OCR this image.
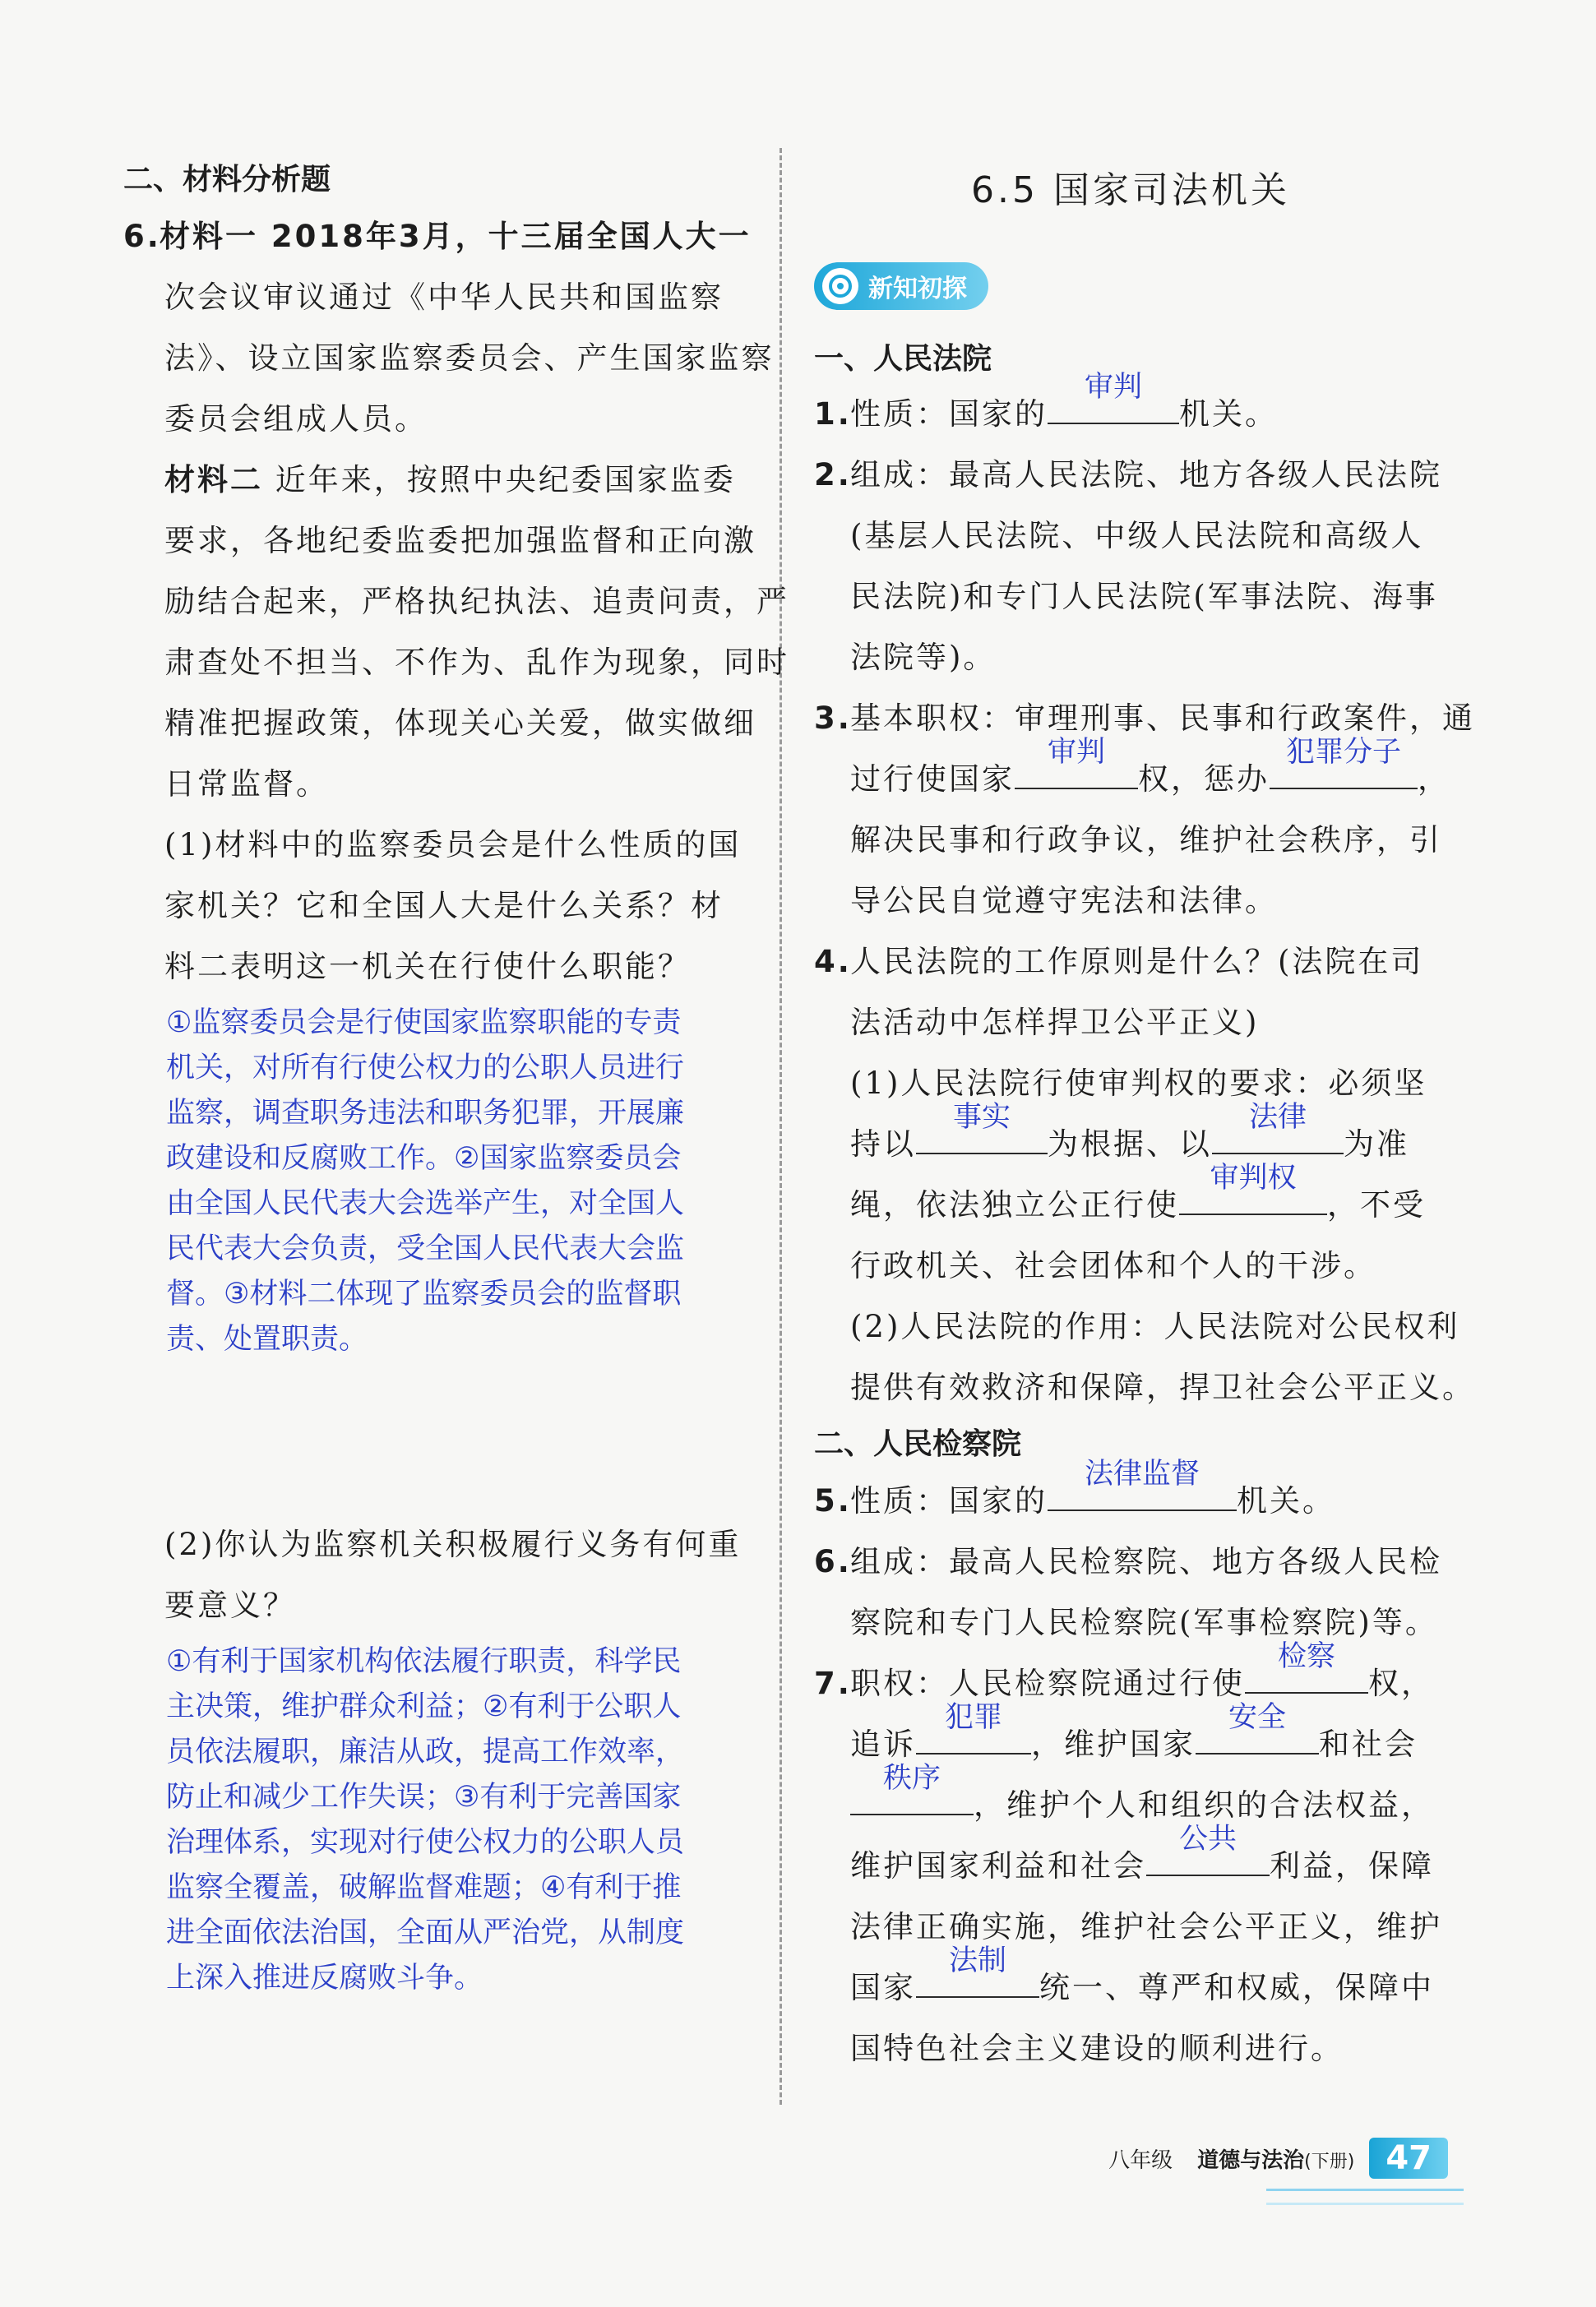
二、材料分析题

6.材料一 2018年3月，十三届全国人大一

次会议审议通过《中华人民共和国监察

法》、设立国家监察委员会、产生国家监察

委员会组成人员。

材料二 近年来，按照中央纪委国家监委

要求，各地纪委监委把加强监督和正向激

励结合起来，严格执纪执法、追责问责，严

肃查处不担当、不作为、乱作为现象，同时

精准把握政策，体现关心关爱，做实做细

日常监督。

(1)材料中的监察委员会是什么性质的国

家机关？它和全国人大是什么关系？材

料二表明这一机关在行使什么职能？

①监察委员会是行使国家监察职能的专责

机关，对所有行使公权力的公职人员进行

监察，调查职务违法和职务犯罪，开展廉

政建设和反腐败工作。②国家监察委员会

由全国人民代表大会选举产生，对全国人

民代表大会负责，受全国人民代表大会监

督。③材料二体现了监察委员会的监督职

责、处置职责。

(2)你认为监察机关积极履行义务有何重

要意义？

①有利于国家机构依法履行职责，科学民

主决策，维护群众利益；②有利于公职人

员依法履职，廉洁从政，提高工作效率，

防止和减少工作失误；③有利于完善国家

治理体系，实现对行使公权力的公职人员

监察全覆盖，破解监督难题；④有利于推

进全面依法治国，全面从严治党，从制度

上深入推进反腐败斗争。

6.5 国家司法机关

新知初探

一、人民法院

1.性质：国家的
审判
机关。

2.组成：最高人民法院、地方各级人民法院

(基层人民法院、中级人民法院和高级人

民法院)和专门人民法院(军事法院、海事

法院等)。

3.基本职权：审理刑事、民事和行政案件，通

过行使国家
审判
权，惩办
犯罪分子
，

解决民事和行政争议，维护社会秩序，引

导公民自觉遵守宪法和法律。

4.人民法院的工作原则是什么？(法院在司

法活动中怎样捍卫公平正义)

(1)人民法院行使审判权的要求：必须坚

持以
事实
为根据、以
法律
为准

绳，依法独立公正行使
审判权
，不受

行政机关、社会团体和个人的干涉。

(2)人民法院的作用：人民法院对公民权利

提供有效救济和保障，捍卫社会公平正义。

二、人民检察院

5.性质：国家的
法律监督
机关。

6.组成：最高人民检察院、地方各级人民检

察院和专门人民检察院(军事检察院)等。

7.职权：人民检察院通过行使
检察
权，

追诉
犯罪
，维护国家
安全
和社会

秩序
，维护个人和组织的合法权益，

维护国家利益和社会
公共
利益，保障

法律正确实施，维护社会公平正义，维护

国家
法制
统一、尊严和权威，保障中

国特色社会主义建设的顺利进行。

八年级 道德与法治(下册) 47
